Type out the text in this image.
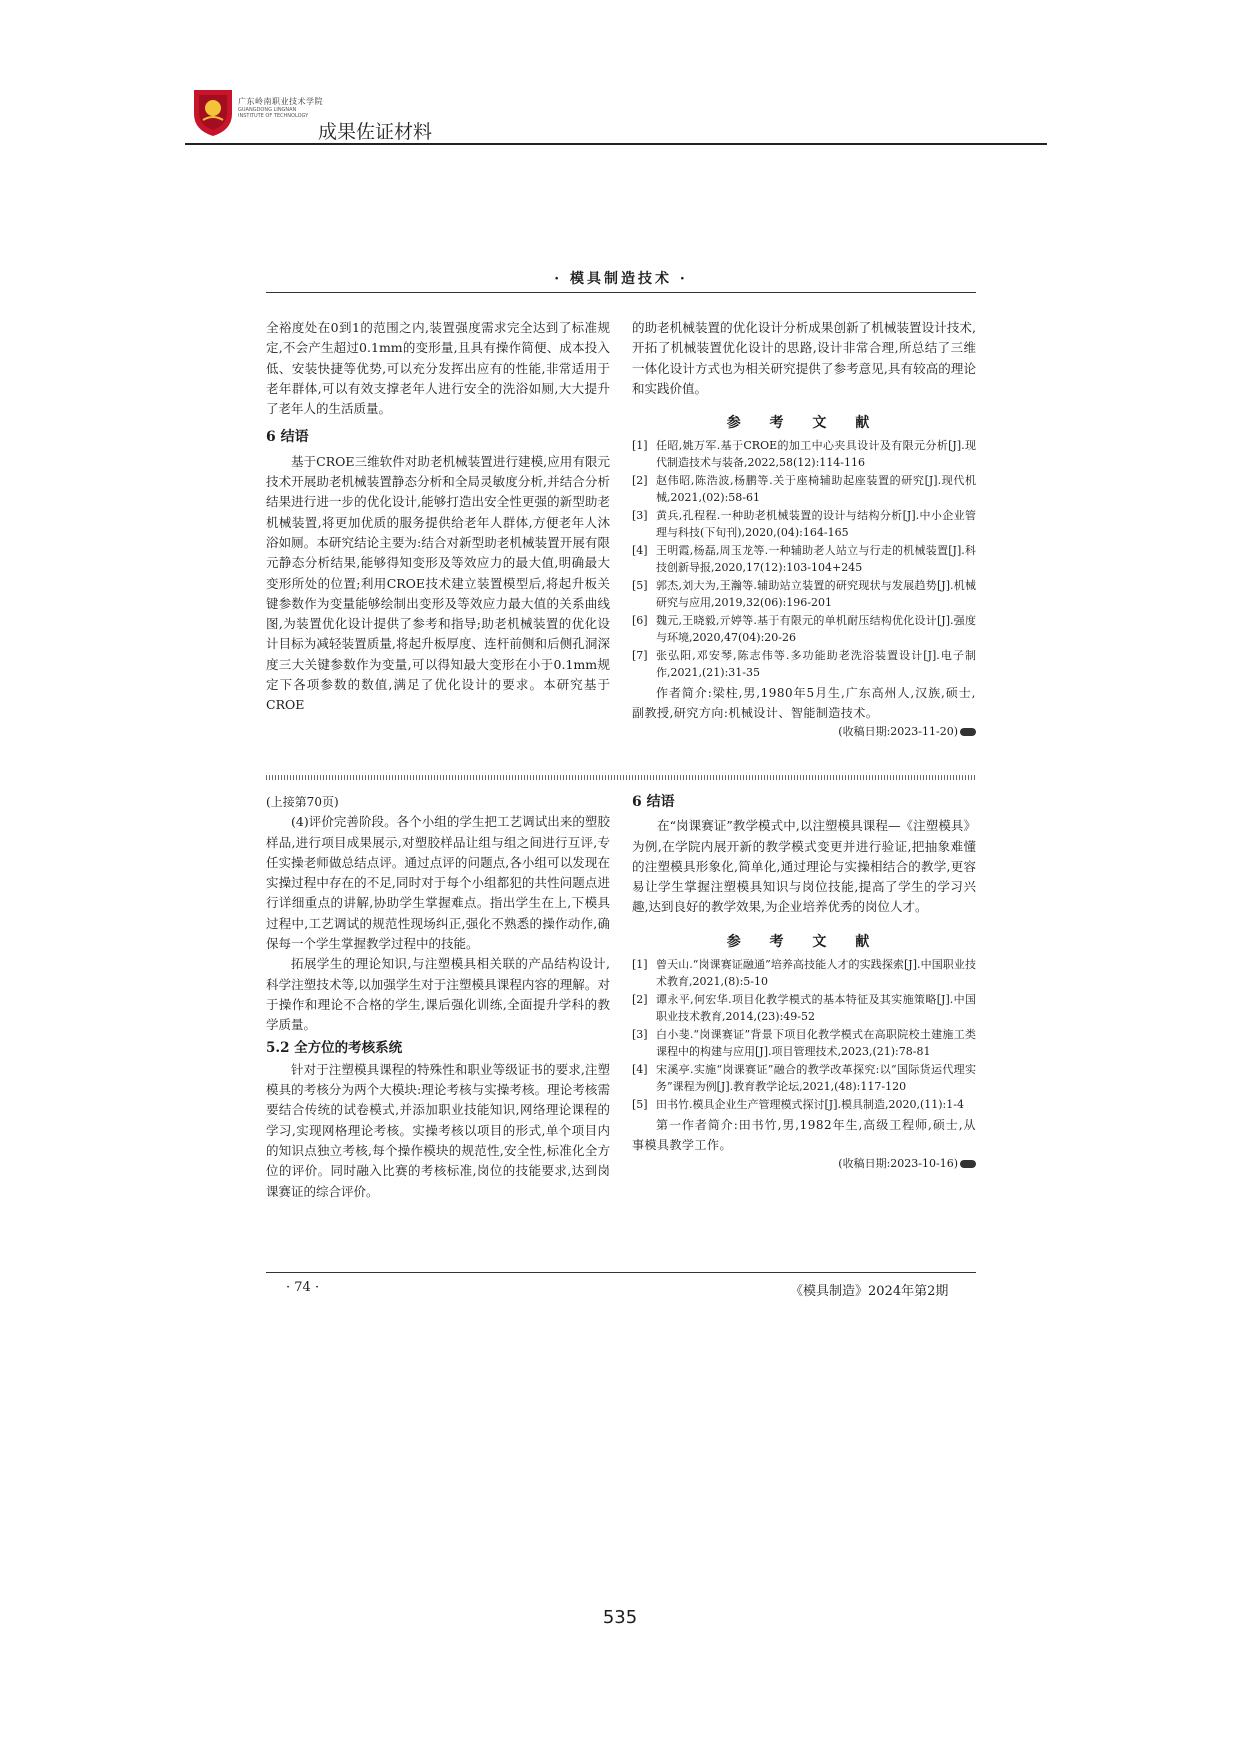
广东岭南职业技术学院
GUANGDONG LINGNAN
INSTITUTE OF TECHNOLOGY
成果佐证材料
· 模具制造技术 ·

全裕度处在0到1的范围之内,装置强度需求完全达到了标准规定,不会产生超过0.1mm的变形量,且具有操作简便、成本投入低、安装快捷等优势,可以充分发挥出应有的性能,非常适用于老年群体,可以有效支撑老年人进行安全的洗浴如厕,大大提升了老年人的生活质量。

6 结语

基于CROE三维软件对助老机械装置进行建模,应用有限元技术开展助老机械装置静态分析和全局灵敏度分析,并结合分析结果进行进一步的优化设计,能够打造出安全性更强的新型助老机械装置,将更加优质的服务提供给老年人群体,方便老年人沐浴如厕。本研究结论主要为:结合对新型助老机械装置开展有限元静态分析结果,能够得知变形及等效应力的最大值,明确最大变形所处的位置;利用CROE技术建立装置模型后,将起升板关键参数作为变量能够绘制出变形及等效应力最大值的关系曲线图,为装置优化设计提供了参考和指导;助老机械装置的优化设计目标为减轻装置质量,将起升板厚度、连杆前侧和后侧孔洞深度三大关键参数作为变量,可以得知最大变形在小于0.1mm规定下各项参数的数值,满足了优化设计的要求。本研究基于CROE

的助老机械装置的优化设计分析成果创新了机械装置设计技术,开拓了机械装置优化设计的思路,设计非常合理,所总结了三维一体化设计方式也为相关研究提供了参考意见,具有较高的理论和实践价值。

参 考 文 献
[1] 任昭,姚万军.基于CROE的加工中心夹具设计及有限元分析[J].现代制造技术与装备,2022,58(12):114-116
[2] 赵伟昭,陈浩波,杨鹏等.关于座椅辅助起座装置的研究[J].现代机械,2021,(02):58-61
[3] 黄兵,孔程程.一种助老机械装置的设计与结构分析[J].中小企业管理与科技(下旬刊),2020,(04):164-165
[4] 王明霞,杨磊,周玉龙等.一种辅助老人站立与行走的机械装置[J].科技创新导报,2020,17(12):103-104+245
[5] 郭杰,刘大为,王瀚等.辅助站立装置的研究现状与发展趋势[J].机械研究与应用,2019,32(06):196-201
[6] 魏元,王晓毅,亓婷等.基于有限元的单机耐压结构优化设计[J].强度与环境,2020,47(04):20-26
[7] 张弘阳,邓安琴,陈志伟等.多功能助老洗浴装置设计[J].电子制作,2021,(21):31-35
作者简介:梁柱,男,1980年5月生,广东高州人,汉族,硕士,副教授,研究方向:机械设计、智能制造技术。
(收稿日期:2023-11-20)

(上接第70页)

(4)评价完善阶段。各个小组的学生把工艺调试出来的塑胶样品,进行项目成果展示,对塑胶样品让组与组之间进行互评,专任实操老师做总结点评。通过点评的问题点,各小组可以发现在实操过程中存在的不足,同时对于每个小组都犯的共性问题点进行详细重点的讲解,协助学生掌握难点。指出学生在上,下模具过程中,工艺调试的规范性现场纠正,强化不熟悉的操作动作,确保每一个学生掌握教学过程中的技能。

拓展学生的理论知识,与注塑模具相关联的产品结构设计,科学注塑技术等,以加强学生对于注塑模具课程内容的理解。对于操作和理论不合格的学生,课后强化训练,全面提升学科的教学质量。

5.2 全方位的考核系统

针对于注塑模具课程的特殊性和职业等级证书的要求,注塑模具的考核分为两个大模块:理论考核与实操考核。理论考核需要结合传统的试卷模式,并添加职业技能知识,网络理论课程的学习,实现网格理论考核。实操考核以项目的形式,单个项目内的知识点独立考核,每个操作模块的规范性,安全性,标准化全方位的评价。同时融入比赛的考核标准,岗位的技能要求,达到岗课赛证的综合评价。

6 结语

在“岗课赛证”教学模式中,以注塑模具课程—《注塑模具》为例,在学院内展开新的教学模式变更并进行验证,把抽象难懂的注塑模具形象化,简单化,通过理论与实操相结合的教学,更容易让学生掌握注塑模具知识与岗位技能,提高了学生的学习兴趣,达到良好的教学效果,为企业培养优秀的岗位人才。

参 考 文 献
[1] 曾天山.“岗课赛证融通”培养高技能人才的实践探索[J].中国职业技术教育,2021,(8):5-10
[2] 谭永平,何宏华.项目化教学模式的基本特征及其实施策略[J].中国职业技术教育,2014,(23):49-52
[3] 白小斐.“岗课赛证”背景下项目化教学模式在高职院校土建施工类课程中的构建与应用[J].项目管理技术,2023,(21):78-81
[4] 宋溪亭.实施“岗课赛证”融合的教学改革探究:以“国际货运代理实务”课程为例[J].教育教学论坛,2021,(48):117-120
[5] 田书竹.模具企业生产管理模式探讨[J].模具制造,2020,(11):1-4
第一作者简介:田书竹,男,1982年生,高级工程师,硕士,从事模具教学工作。
(收稿日期:2023-10-16)
· 74 ·	《模具制造》2024年第2期
535
